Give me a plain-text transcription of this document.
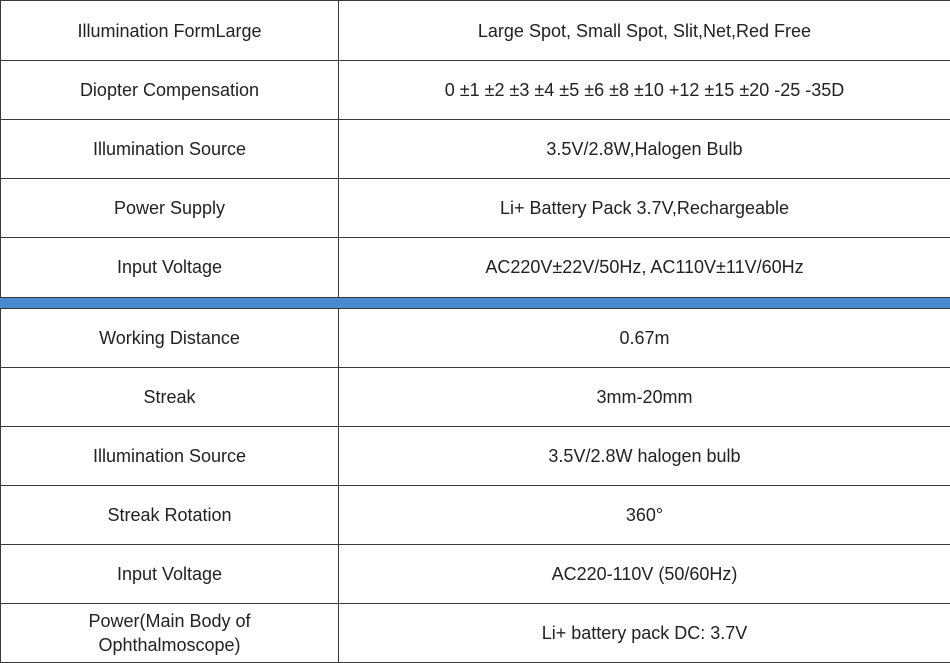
Illumination FormLarge	Large Spot, Small Spot, Slit,Net,Red Free
Diopter Compensation	0 ±1 ±2 ±3 ±4 ±5 ±6 ±8 ±10 +12 ±15 ±20 -25 -35D
Illumination Source	3.5V/2.8W,Halogen Bulb
Power Supply	Li+ Battery Pack 3.7V,Rechargeable
Input Voltage	AC220V±22V/50Hz, AC110V±11V/60Hz
Working Distance	0.67m
Streak	3mm-20mm
Illumination Source	3.5V/2.8W halogen bulb
Streak Rotation	360°
Input Voltage	AC220-110V (50/60Hz)
Power(Main Body of
Ophthalmoscope)	Li+ battery pack DC: 3.7V
